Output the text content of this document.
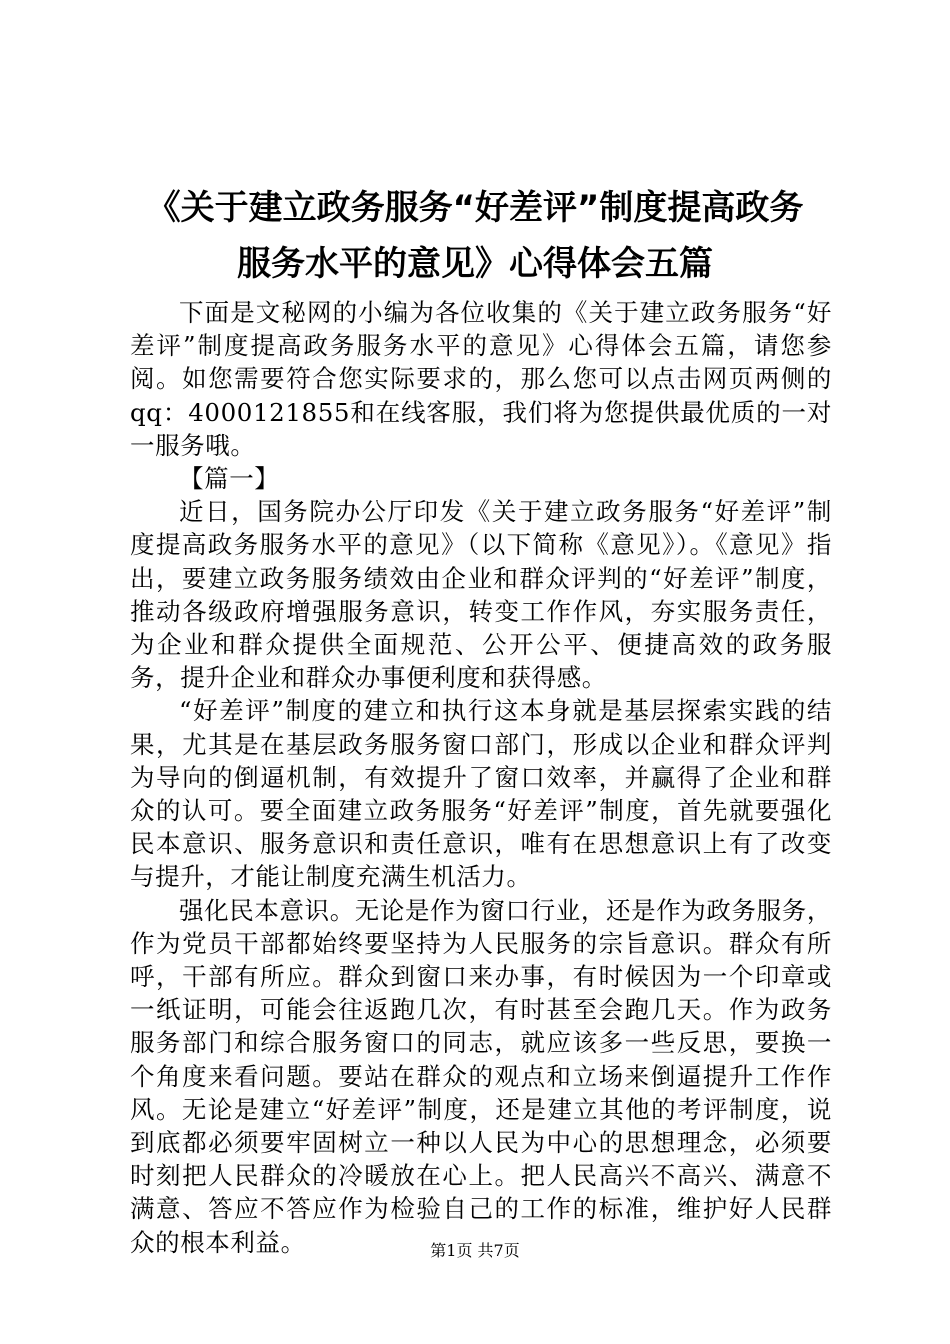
《关于建立政务服务“好差评”制度提高政务
服务水平的意见》心得体会五篇

下面是文秘网的小编为各位收集的《关于建立政务服务“好差评”制度提高政务服务水平的意见》心得体会五篇，请您参阅。如您需要符合您实际要求的，那么您可以点击网页两侧的qq：4000121855和在线客服，我们将为您提供最优质的一对一服务哦。

【篇一】

近日，国务院办公厅印发《关于建立政务服务“好差评”制度提高政务服务水平的意见》（以下简称《意见》）。《意见》指出，要建立政务服务绩效由企业和群众评判的“好差评”制度，推动各级政府增强服务意识，转变工作作风，夯实服务责任，为企业和群众提供全面规范、公开公平、便捷高效的政务服务，提升企业和群众办事便利度和获得感。

“好差评”制度的建立和执行这本身就是基层探索实践的结果，尤其是在基层政务服务窗口部门，形成以企业和群众评判为导向的倒逼机制，有效提升了窗口效率，并赢得了企业和群众的认可。要全面建立政务服务“好差评”制度，首先就要强化民本意识、服务意识和责任意识，唯有在思想意识上有了改变与提升，才能让制度充满生机活力。

强化民本意识。无论是作为窗口行业，还是作为政务服务，作为党员干部都始终要坚持为人民服务的宗旨意识。群众有所呼，干部有所应。群众到窗口来办事，有时候因为一个印章或一纸证明，可能会往返跑几次，有时甚至会跑几天。作为政务服务部门和综合服务窗口的同志，就应该多一些反思，要换一个角度来看问题。要站在群众的观点和立场来倒逼提升工作作风。无论是建立“好差评”制度，还是建立其他的考评制度，说到底都必须要牢固树立一种以人民为中心的思想理念，必须要时刻把人民群众的冷暖放在心上。把人民高兴不高兴、满意不满意、答应不答应作为检验自己的工作的标准，维护好人民群众的根本利益。	第1页 共7页
